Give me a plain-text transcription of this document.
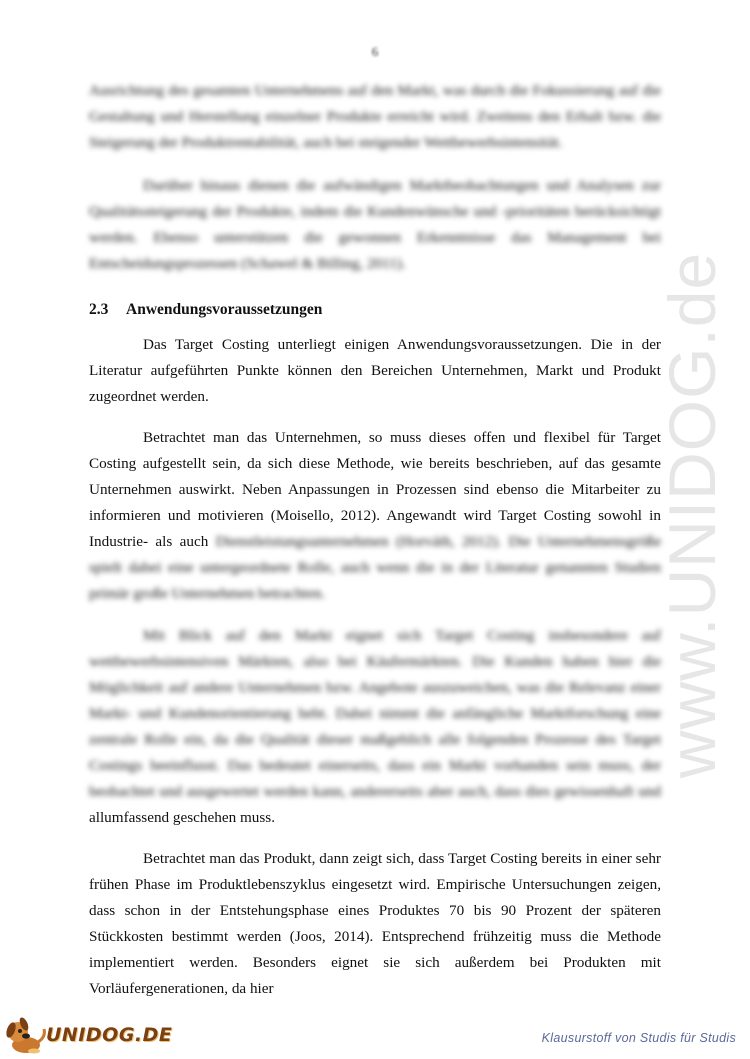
www.UNIDOG.de
6

Ausrichtung des gesamten Unternehmens auf den Markt, was durch die Fokussierung auf die Gestaltung und Herstellung einzelner Produkte erreicht wird. Zweitens den Erhalt bzw. die Steigerung der Produktrentabilität, auch bei steigender Wettbewerbsintensität.

Darüber hinaus dienen die aufwändigen Marktbeobachtungen und Analysen zur Qualitätssteigerung der Produkte, indem die Kundenwünsche und -prioritäten berücksichtigt werden. Ebenso unterstützen die gewonnen Erkenntnisse das Management bei Entscheidungsprozessen (Schawel & Billing, 2011).

2.3 Anwendungsvoraussetzungen

Das Target Costing unterliegt einigen Anwendungsvoraussetzungen. Die in der Literatur aufgeführten Punkte können den Bereichen Unternehmen, Markt und Produkt zugeordnet werden.

Betrachtet man das Unternehmen, so muss dieses offen und flexibel für Target Costing aufgestellt sein, da sich diese Methode, wie bereits beschrieben, auf das gesamte Unternehmen auswirkt. Neben Anpassungen in Prozessen sind ebenso die Mitarbeiter zu informieren und motivieren (Moisello, 2012). Angewandt wird Target Costing sowohl in Industrie- als auch Dienstleistungsunternehmen (Horváth, 2012). Die Unternehmensgröße spielt dabei eine untergeordnete Rolle, auch wenn die in der Literatur genannten Studien primär große Unternehmen betrachten.
Mit Blick auf den Markt eignet sich Target Costing insbesondere auf wettbewerbsintensiven Märkten, also bei Käufermärkten. Die Kunden haben hier die Möglichkeit auf andere Unternehmen bzw. Angebote auszuweichen, was die Relevanz einer Markt- und Kundenorientierung hebt. Dabei nimmt die anfängliche Marktforschung eine zentrale Rolle ein, da die Qualität dieser maßgeblich alle folgenden Prozesse des Target Costings beeinflusst. Das bedeutet einerseits, dass ein Markt vorhanden sein muss, der beobachtet und ausgewertet werden kann, andererseits aber auch, dass dies gewissenhaft und allumfassend geschehen muss.

Betrachtet man das Produkt, dann zeigt sich, dass Target Costing bereits in einer sehr frühen Phase im Produktlebenszyklus eingesetzt wird. Empirische Untersuchungen zeigen, dass schon in der Entstehungsphase eines Produktes 70 bis 90 Prozent der späteren Stückkosten bestimmt werden (Joos, 2014). Entsprechend frühzeitig muss die Methode implementiert werden. Besonders eignet sie sich außerdem bei Produkten mit Vorläufergenerationen, da hier

UNIDOG.DE	Klausurstoff von Studis für Studis
